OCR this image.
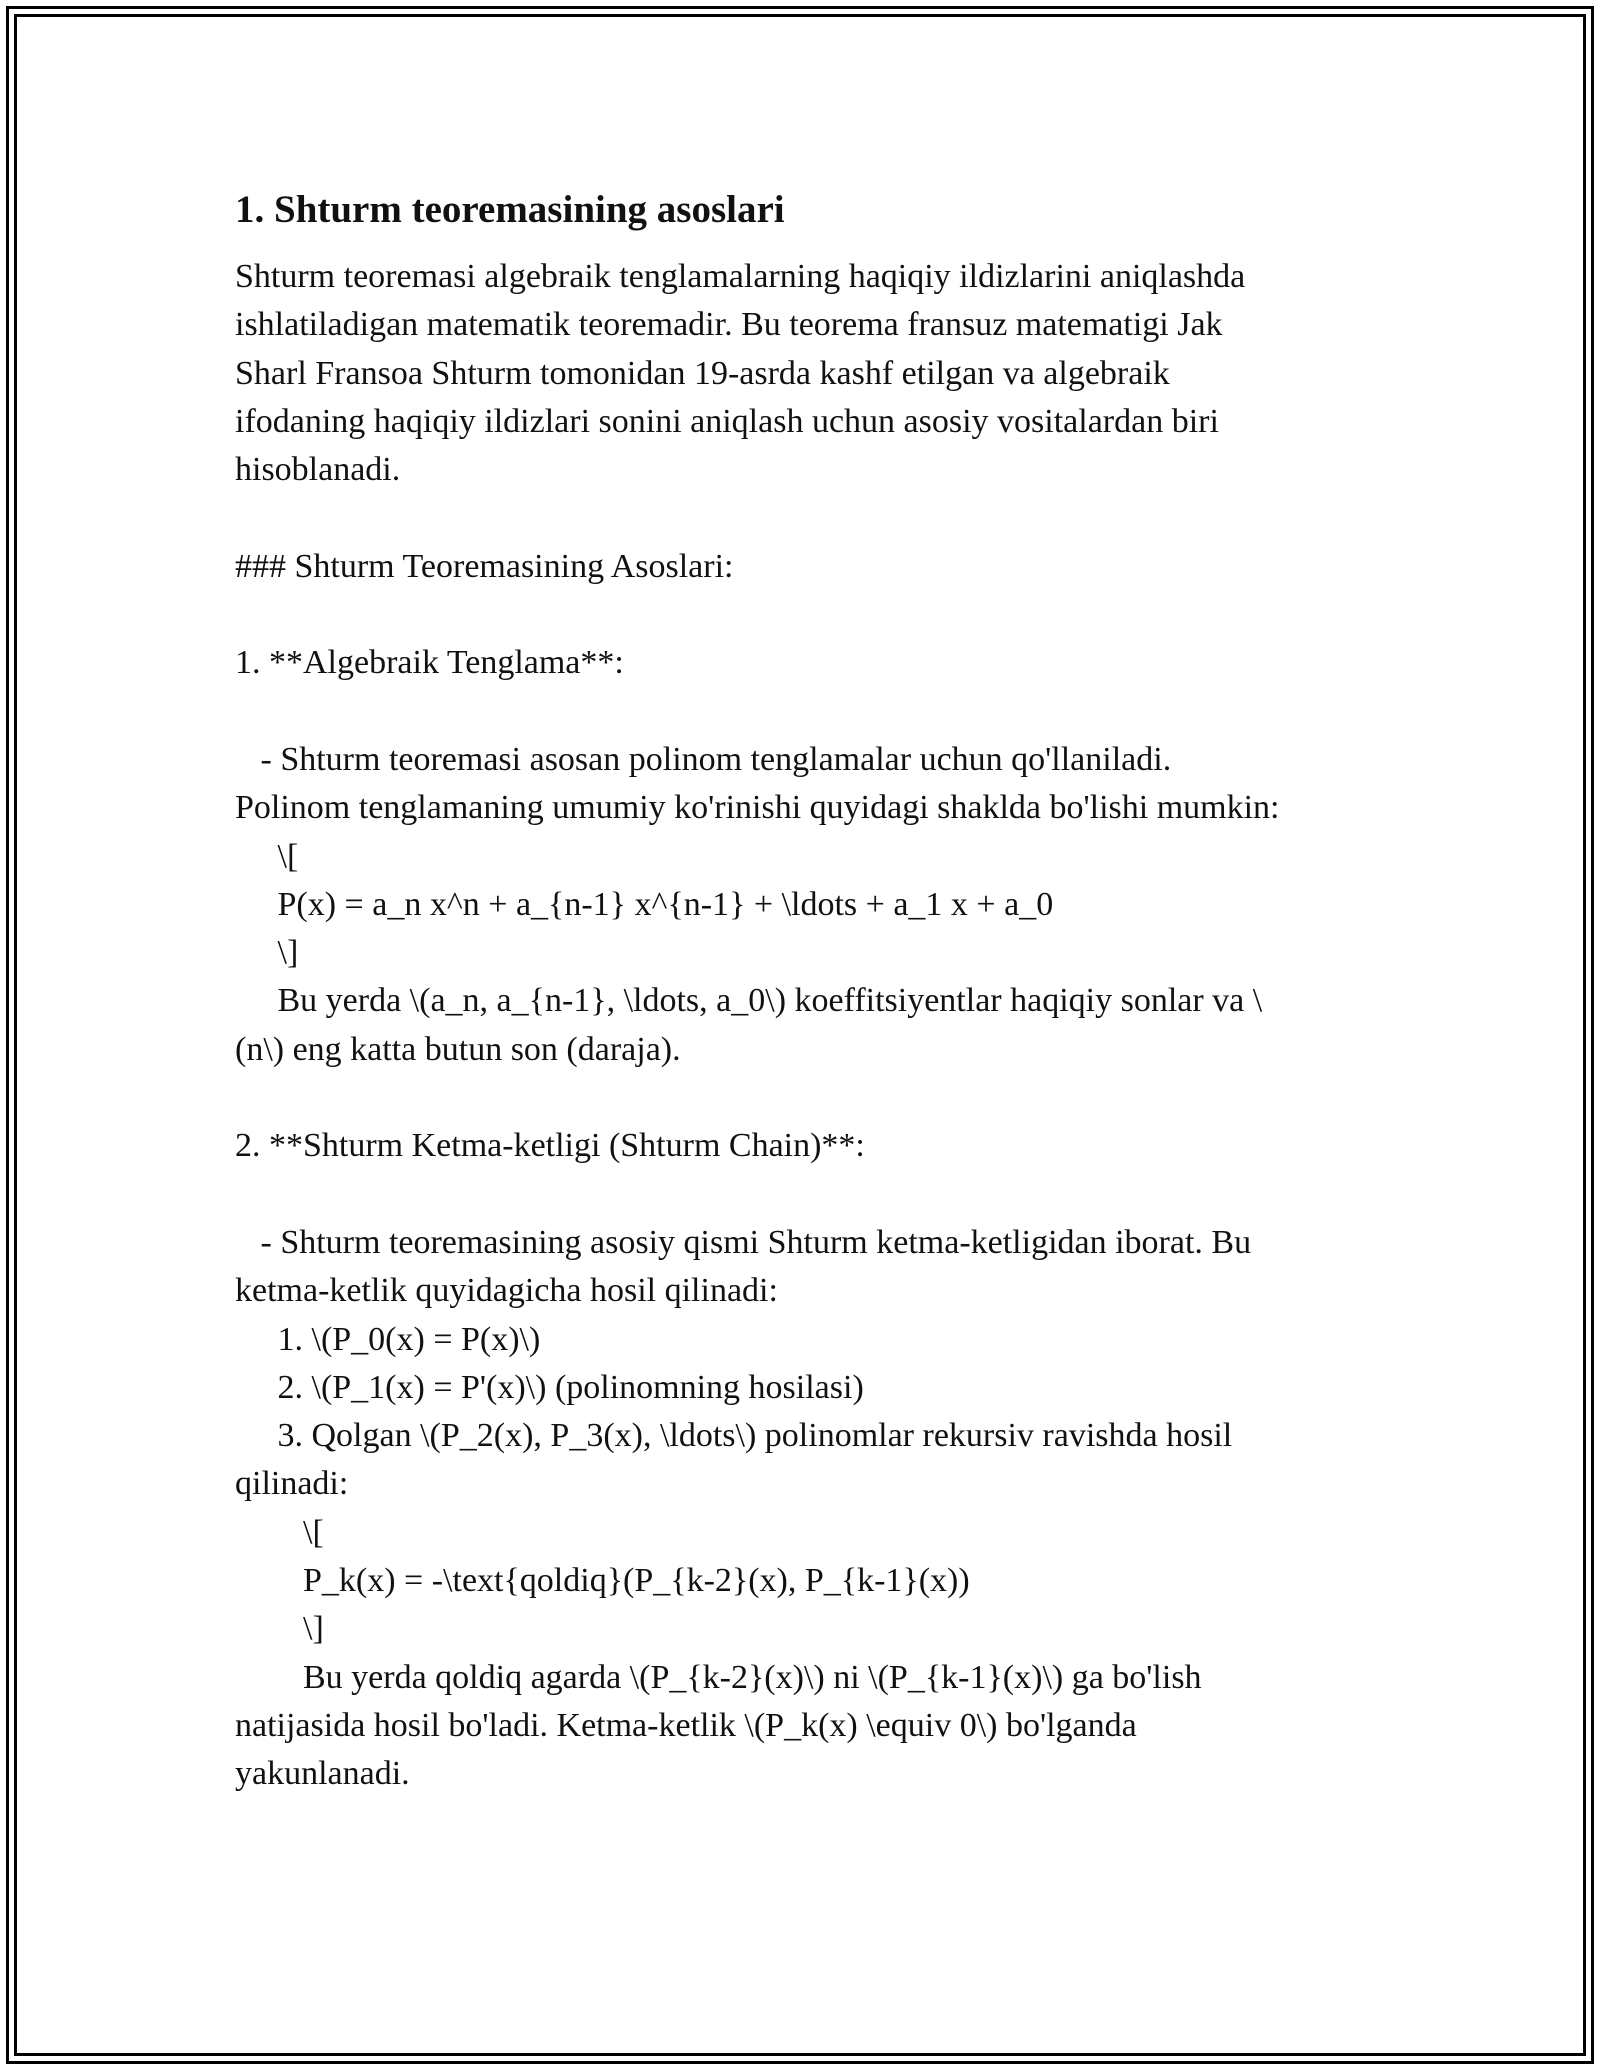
1. Shturm teoremasining asoslari
Shturm teoremasi algebraik tenglamalarning haqiqiy ildizlarini aniqlashda
ishlatiladigan matematik teoremadir. Bu teorema fransuz matematigi Jak
Sharl Fransoa Shturm tomonidan 19-asrda kashf etilgan va algebraik
ifodaning haqiqiy ildizlari sonini aniqlash uchun asosiy vositalardan biri
hisoblanadi.

### Shturm Teoremasining Asoslari:

1. **Algebraik Tenglama**:

- Shturm teoremasi asosan polinom tenglamalar uchun qo'llaniladi.
Polinom tenglamaning umumiy ko'rinishi quyidagi shaklda bo'lishi mumkin:
\[
P(x) = a_n x^n + a_{n-1} x^{n-1} + \ldots + a_1 x + a_0
\]
Bu yerda \(a_n, a_{n-1}, \ldots, a_0\) koeffitsiyentlar haqiqiy sonlar va \
(n\) eng katta butun son (daraja).

2. **Shturm Ketma-ketligi (Shturm Chain)**:

- Shturm teoremasining asosiy qismi Shturm ketma-ketligidan iborat. Bu
ketma-ketlik quyidagicha hosil qilinadi:
1. \(P_0(x) = P(x)\)
2. \(P_1(x) = P'(x)\) (polinomning hosilasi)
3. Qolgan \(P_2(x), P_3(x), \ldots\) polinomlar rekursiv ravishda hosil
qilinadi:
\[
P_k(x) = -\text{qoldiq}(P_{k-2}(x), P_{k-1}(x))
\]
Bu yerda qoldiq agarda \(P_{k-2}(x)\) ni \(P_{k-1}(x)\) ga bo'lish
natijasida hosil bo'ladi. Ketma-ketlik \(P_k(x) \equiv 0\) bo'lganda
yakunlanadi.
